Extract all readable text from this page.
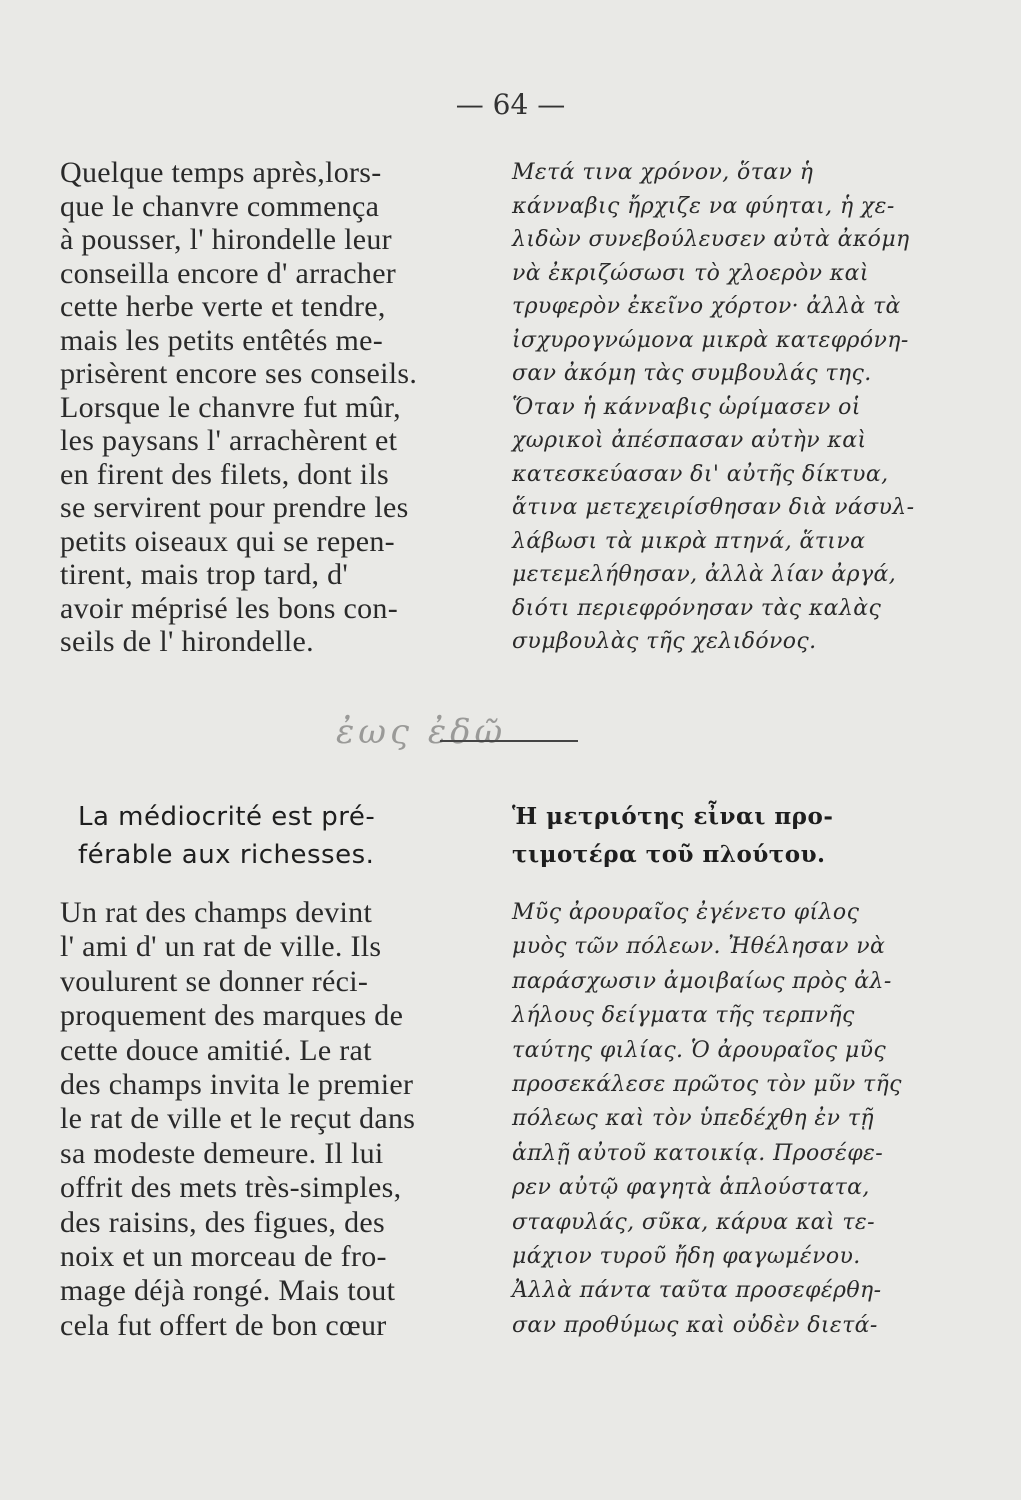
— 64 —
Quelque temps après,lors-
que le chanvre commença
à pousser, l' hirondelle leur
conseilla encore d' arracher
cette herbe verte et tendre,
mais les petits entêtés me-
prisèrent encore ses conseils.
Lorsque le chanvre fut mûr,
les paysans l' arrachèrent et
en firent des filets, dont ils
se servirent pour prendre les
petits oiseaux qui se repen-
tirent, mais trop tard, d'
avoir méprisé les bons con-
seils de l' hirondelle.
Μετά τινα χρόνον, ὅταν ἡ
κάνναβις ἤρχιζε να φύηται, ἡ χε-
λιδὼν συνεβούλευσεν αὐτὰ ἀκόμη
νὰ ἐκριζώσωσι τὸ χλοερὸν καὶ
τρυφερὸν ἐκεῖνο χόρτον· ἀλλὰ τὰ
ἰσχυρογνώμονα μικρὰ κατεφρόνη-
σαν ἀκόμη τὰς συμβουλάς της.
Ὅταν ἡ κάνναβις ὡρίμασεν οἱ
χωρικοὶ ἀπέσπασαν αὐτὴν καὶ
κατεσκεύασαν δι' αὐτῆς δίκτυα,
ἅτινα μετεχειρίσθησαν διὰ νάσυλ-
λάβωσι τὰ μικρὰ πτηνά, ἅτινα
μετεμελήθησαν, ἀλλὰ λίαν ἀργά,
διότι περιεφρόνησαν τὰς καλὰς
συμβουλὰς τῆς χελιδόνος.
ἐως ἐδῶ
La médiocrité est pré-
férable aux richesses.
Ἡ μετριότης εἶναι προ-
τιμοτέρα τοῦ πλούτου.
Un rat des champs devint
l' ami d' un rat de ville. Ils
voulurent se donner réci-
proquement des marques de
cette douce amitié. Le rat
des champs invita le premier
le rat de ville et le reçut dans
sa modeste demeure. Il lui
offrit des mets très-simples,
des raisins, des figues, des
noix et un morceau de fro-
mage déjà rongé. Mais tout
cela fut offert de bon cœur
Μῦς ἀρουραῖος ἐγένετο φίλος
μυὸς τῶν πόλεων. Ἠθέλησαν νὰ
παράσχωσιν ἀμοιβαίως πρὸς ἀλ-
λήλους δείγματα τῆς τερπνῆς
ταύτης φιλίας. Ὁ ἀρουραῖος μῦς
προσεκάλεσε πρῶτος τὸν μῦν τῆς
πόλεως καὶ τὸν ὑπεδέχθη ἐν τῇ
ἁπλῇ αὐτοῦ κατοικίᾳ. Προσέφε-
ρεν αὐτῷ φαγητὰ ἁπλούστατα,
σταφυλάς, σῦκα, κάρυα καὶ τε-
μάχιον τυροῦ ἤδη φαγωμένου.
Ἀλλὰ πάντα ταῦτα προσεφέρθη-
σαν προθύμως καὶ οὐδὲν διετά-
